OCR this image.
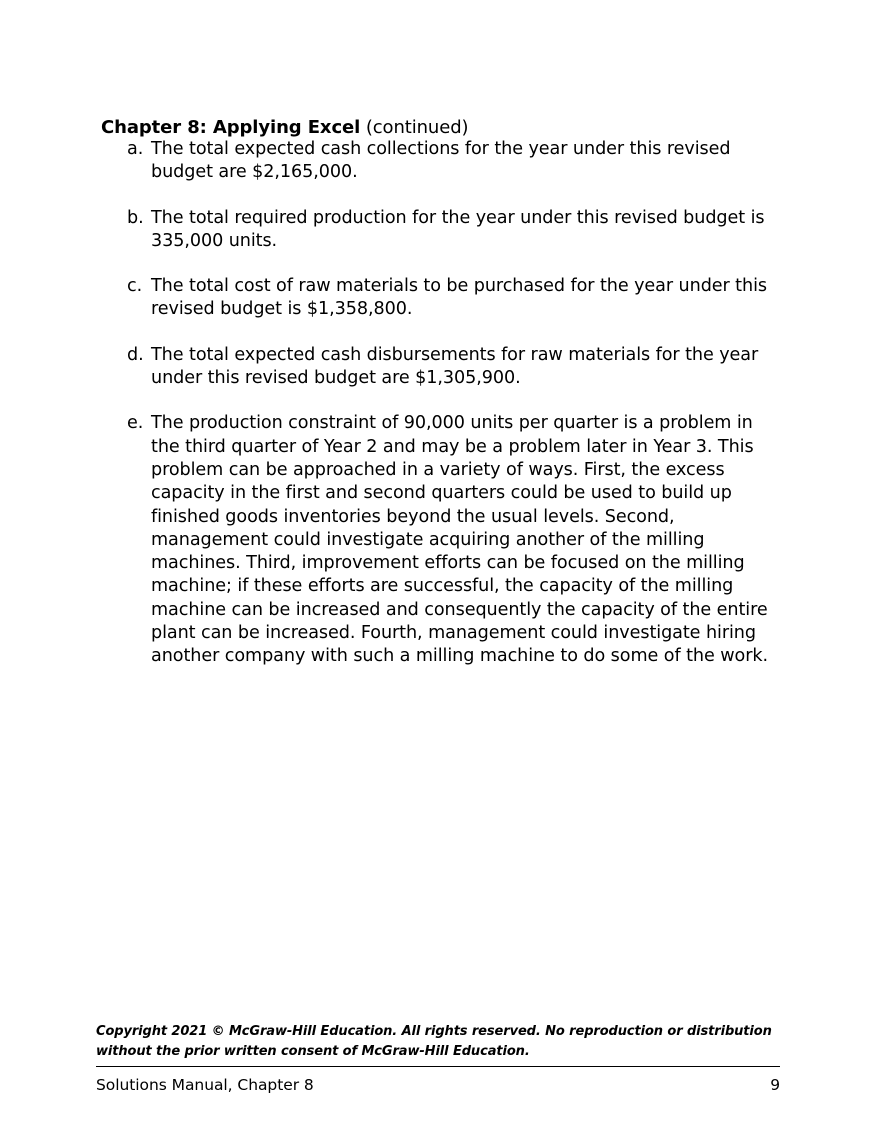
Chapter 8: Applying Excel (continued)
a. The total expected cash collections for the year under this revised budget are $2,165,000.
b. The total required production for the year under this revised budget is 335,000 units.
c. The total cost of raw materials to be purchased for the year under this revised budget is $1,358,800.
d. The total expected cash disbursements for raw materials for the year under this revised budget are $1,305,900.
e. The production constraint of 90,000 units per quarter is a problem in the third quarter of Year 2 and may be a problem later in Year 3. This problem can be approached in a variety of ways. First, the excess capacity in the first and second quarters could be used to build up finished goods inventories beyond the usual levels. Second, management could investigate acquiring another of the milling machines. Third, improvement efforts can be focused on the milling machine; if these efforts are successful, the capacity of the milling machine can be increased and consequently the capacity of the entire plant can be increased. Fourth, management could investigate hiring another company with such a milling machine to do some of the work.
Copyright 2021 © McGraw-Hill Education. All rights reserved. No reproduction or distribution without the prior written consent of McGraw-Hill Education.
Solutions Manual, Chapter 8	9
